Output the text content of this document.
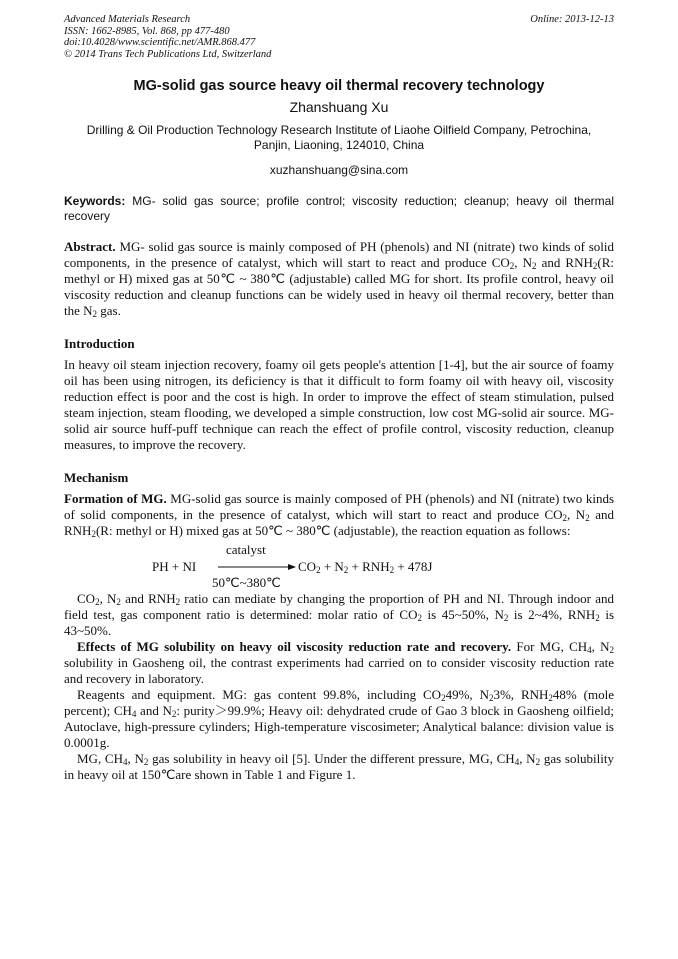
Advanced Materials Research
ISSN: 1662-8985, Vol. 868, pp 477-480
doi:10.4028/www.scientific.net/AMR.868.477
© 2014 Trans Tech Publications Ltd, Switzerland
Online: 2013-12-13
MG-solid gas source heavy oil thermal recovery technology
Zhanshuang Xu
Drilling & Oil Production Technology Research Institute of Liaohe Oilfield Company, Petrochina,
Panjin, Liaoning, 124010, China
xuzhanshuang@sina.com
Keywords: MG- solid gas source; profile control; viscosity reduction; cleanup; heavy oil thermal recovery

Abstract. MG- solid gas source is mainly composed of PH (phenols) and NI (nitrate) two kinds of solid components, in the presence of catalyst, which will start to react and produce $CO_2$, $N_2$ and $RNH_2(R$: methyl or H) mixed gas at 50℃ ~ 380℃ (adjustable) called MG for short. Its profile control, heavy oil viscosity reduction and cleanup functions can be widely used in heavy oil thermal recovery, better than the $N_2$ gas.

Introduction

In heavy oil steam injection recovery, foamy oil gets people's attention [1-4], but the air source of foamy oil has been using nitrogen, its deficiency is that it difficult to form foamy oil with heavy oil, viscosity reduction effect is poor and the cost is high. In order to improve the effect of steam stimulation, pulsed steam injection, steam flooding, we developed a simple construction, low cost MG-solid air source. MG-solid air source huff-puff technique can reach the effect of profile control, viscosity reduction, cleanup measures, to improve the recovery.

Mechanism

Formation of MG. MG-solid gas source is mainly composed of PH (phenols) and NI (nitrate) two kinds of solid components, in the presence of catalyst, which will start to react and produce $CO_2$, $N_2$ and $RNH_2(R$: methyl or H) mixed gas at 50℃ ~ 380℃ (adjustable), the reaction equation as follows:

PH + NI
catalyst
$CO_2 + N_2 + RNH_2 + 478J$
50℃~380℃

$CO_2$, $N_2$ and $RNH_2$ ratio can mediate by changing the proportion of PH and NI. Through indoor and field test, gas component ratio is determined: molar ratio of $CO_2$ is 45~50%, $N_2$ is 2~4%, $RNH_2$ is 43~50%.

Effects of MG solubility on heavy oil viscosity reduction rate and recovery. For MG, $CH_4$, $N_2$ solubility in Gaosheng oil, the contrast experiments had carried on to consider viscosity reduction rate and recovery in laboratory.

Reagents and equipment. MG: gas content 99.8%, including $CO_249\%$, $N_23\%$, $RNH_248\%$ (mole percent); $CH_4$ and $N_2$: purity＞99.9%; Heavy oil: dehydrated crude of Gao 3 block in Gaosheng oilfield; Autoclave, high-pressure cylinders; High-temperature viscosimeter; Analytical balance: division value is 0.0001g.

MG, $CH_4$, $N_2$ gas solubility in heavy oil [5]. Under the different pressure, MG, $CH_4$, $N_2$ gas solubility in heavy oil at 150℃are shown in Table 1 and Figure 1.
